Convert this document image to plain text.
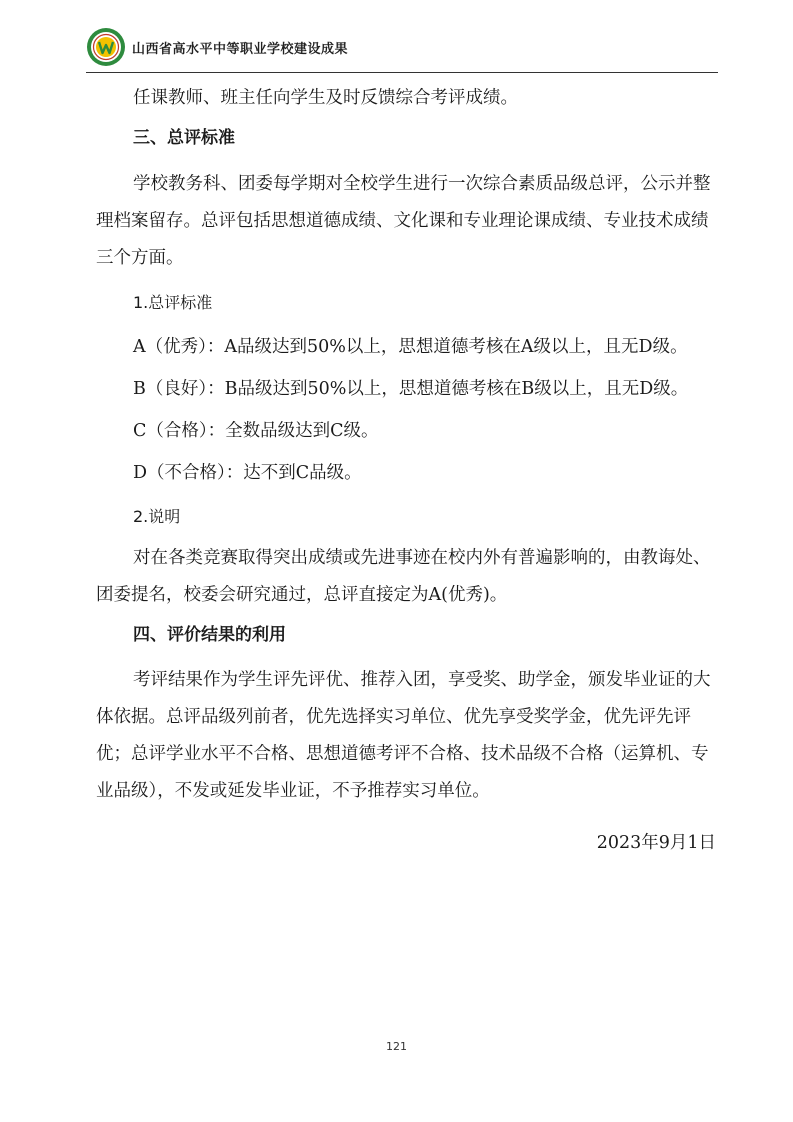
山西省高水平中等职业学校建设成果

任课教师、班主任向学生及时反馈综合考评成绩。

三、总评标准

学校教务科、团委每学期对全校学生进行一次综合素质品级总评，公示并整理档案留存。总评包括思想道德成绩、文化课和专业理论课成绩、专业技术成绩三个方面。

1.总评标准

A（优秀）：A品级达到50%以上，思想道德考核在A级以上，且无D级。

B（良好）：B品级达到50%以上，思想道德考核在B级以上，且无D级。

C（合格）：全数品级达到C级。

D（不合格）：达不到C品级。

2.说明

对在各类竞赛取得突出成绩或先进事迹在校内外有普遍影响的，由教诲处、团委提名，校委会研究通过，总评直接定为A(优秀)。

四、评价结果的利用

考评结果作为学生评先评优、推荐入团，享受奖、助学金，颁发毕业证的大体依据。总评品级列前者，优先选择实习单位、优先享受奖学金，优先评先评优；总评学业水平不合格、思想道德考评不合格、技术品级不合格（运算机、专业品级），不发或延发毕业证，不予推荐实习单位。

2023年9月1日
121
